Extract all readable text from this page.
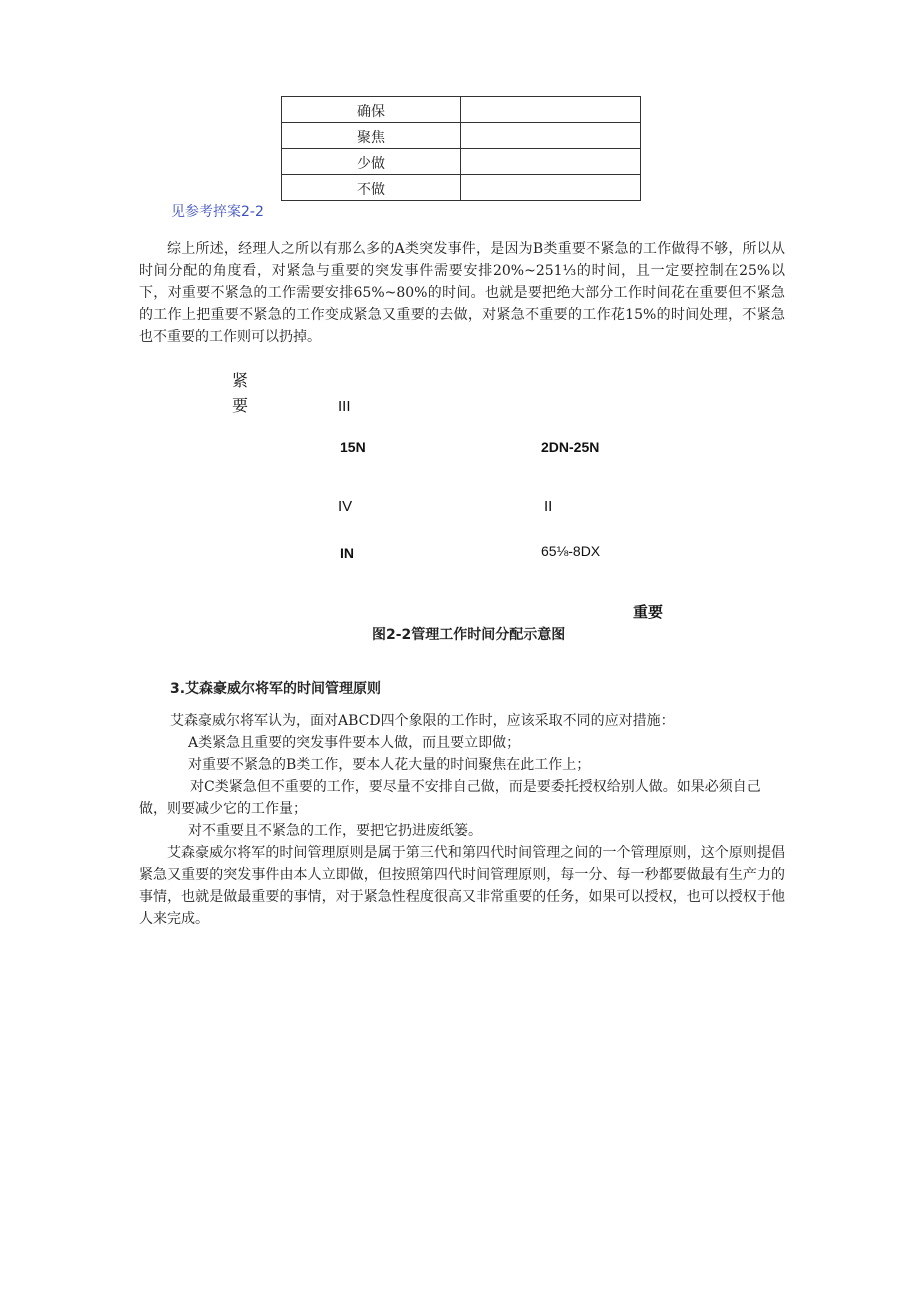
确保	
聚焦	
少做	
不做	
见参考捽案2-2

综上所述，经理人之所以有那么多的A类突发事件，是因为B类重要不紧急的工作做得不够，所以从时间分配的角度看，对紧急与重要的突发事件需要安排20%~251⅓的时间，且一定要控制在25%以下，对重要不紧急的工作需要安排65%~80%的时间。也就是要把绝大部分工作时间花在重要但不紧急的工作上把重要不紧急的工作变成紧急又重要的去做，对紧急不重要的工作花15%的时间处理，不紧急也不重要的工作则可以扔掉。

紧
要	III
15N	2DN-25N
IV	II
IN	65⅛-8DX
重要
图2-2管理工作时间分配示意图
3.艾森豪威尔将军的时间管理原则
艾森豪威尔将军认为，面对ABCD四个象限的工作时，应该采取不同的应对措施：
A类紧急且重要的突发事件要本人做，而且要立即做；
对重要不紧急的B类工作，要本人花大量的时间聚焦在此工作上；
对C类紧急但不重要的工作，要尽量不安排自己做，而是要委托授权给别人做。如果必须自己
做，则要减少它的工作量；
对不重要且不紧急的工作，要把它扔进废纸篓。

艾森豪威尔将军的时间管理原则是属于第三代和第四代时间管理之间的一个管理原则，这个原则提倡紧急又重要的突发事件由本人立即做，但按照第四代时间管理原则，每一分、每一秒都要做最有生产力的事情，也就是做最重要的事情，对于紧急性程度很高又非常重要的任务，如果可以授权，也可以授权于他人来完成。
